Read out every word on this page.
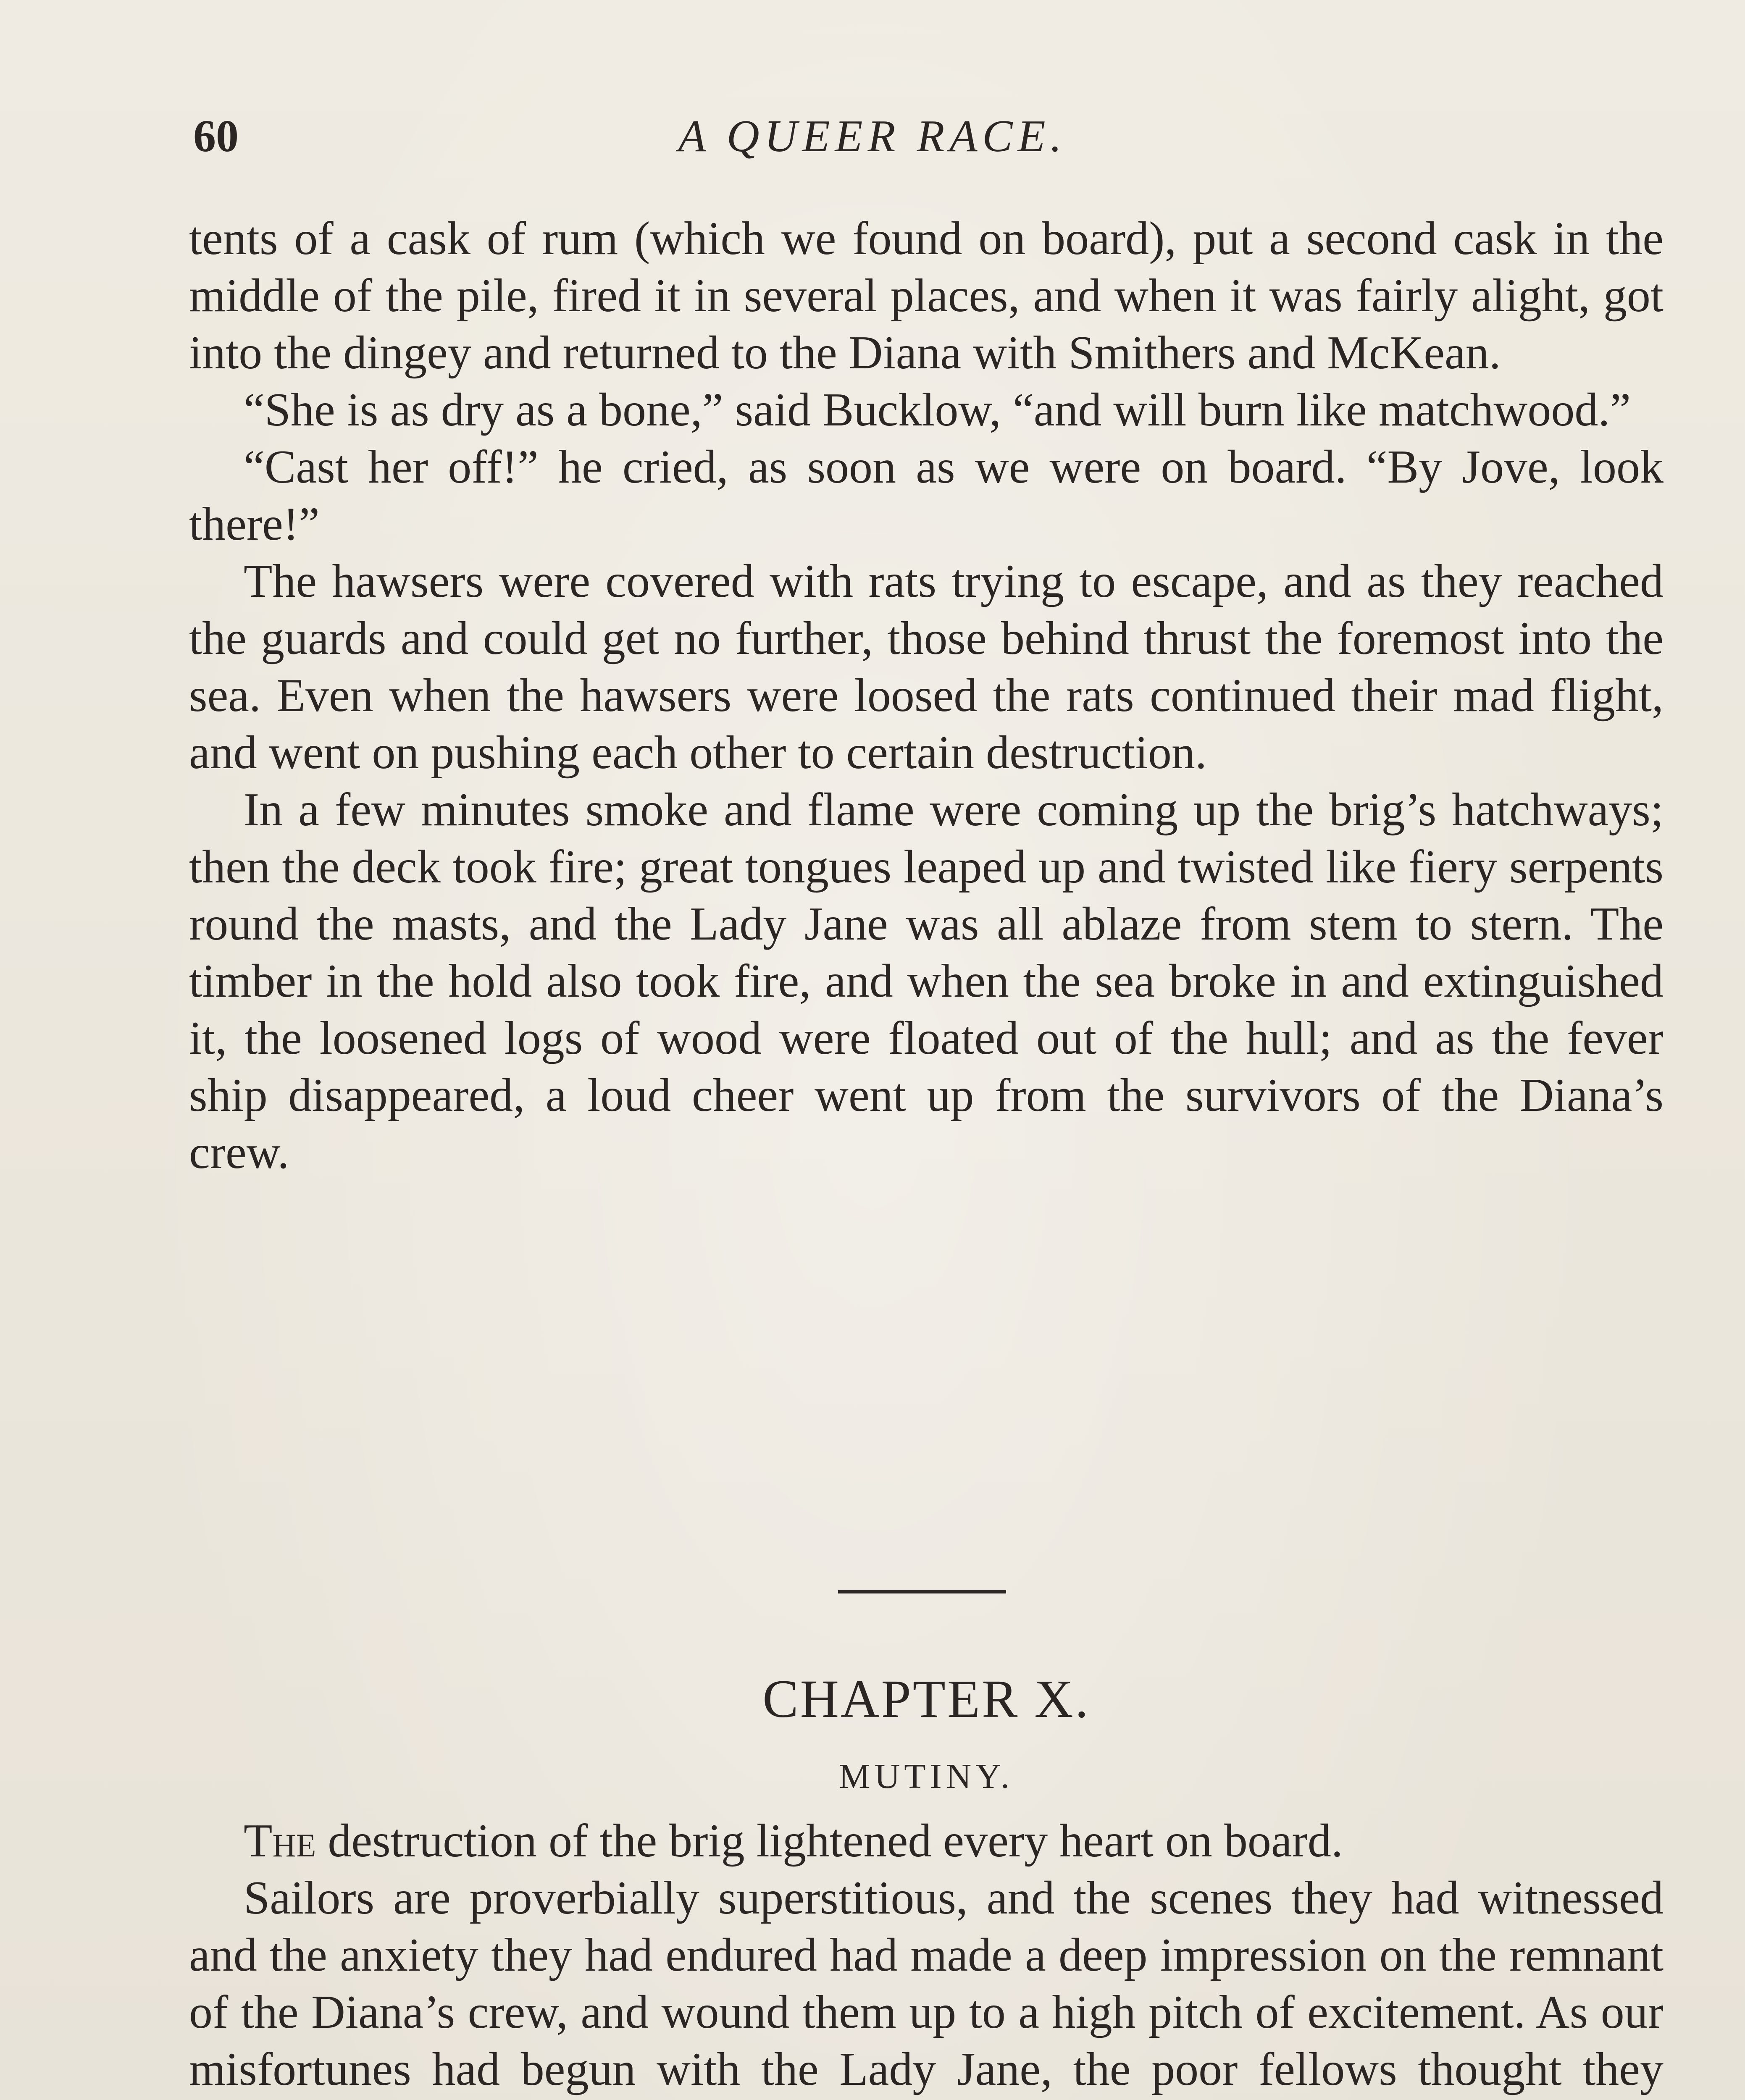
60	A QUEER RACE.

tents of a cask of rum (which we found on board), put a second cask in the middle of the pile, fired it in several places, and when it was fairly alight, got into the dingey and returned to the Diana with Smithers and McKean.

“She is as dry as a bone,” said Bucklow, “and will burn like matchwood.”

“Cast her off!” he cried, as soon as we were on board. “By Jove, look there!”

The hawsers were covered with rats trying to escape, and as they reached the guards and could get no further, those behind thrust the foremost into the sea. Even when the hawsers were loosed the rats continued their mad flight, and went on pushing each other to certain destruction.

In a few minutes smoke and flame were coming up the brig’s hatchways; then the deck took fire; great tongues leaped up and twisted like fiery serpents round the masts, and the Lady Jane was all ablaze from stem to stern. The timber in the hold also took fire, and when the sea broke in and extinguished it, the loosened logs of wood were floated out of the hull; and as the fever ship disappeared, a loud cheer went up from the survivors of the Diana’s crew.

CHAPTER X.
MUTINY.

The destruction of the brig lightened every heart on board.

Sailors are proverbially superstitious, and the scenes they had witnessed and the anxiety they had endured had made a deep impression on the remnant of the Diana’s crew, and wound them up to a high pitch of excitement. As our misfortunes had begun with the Lady Jane, the poor fellows thought they
